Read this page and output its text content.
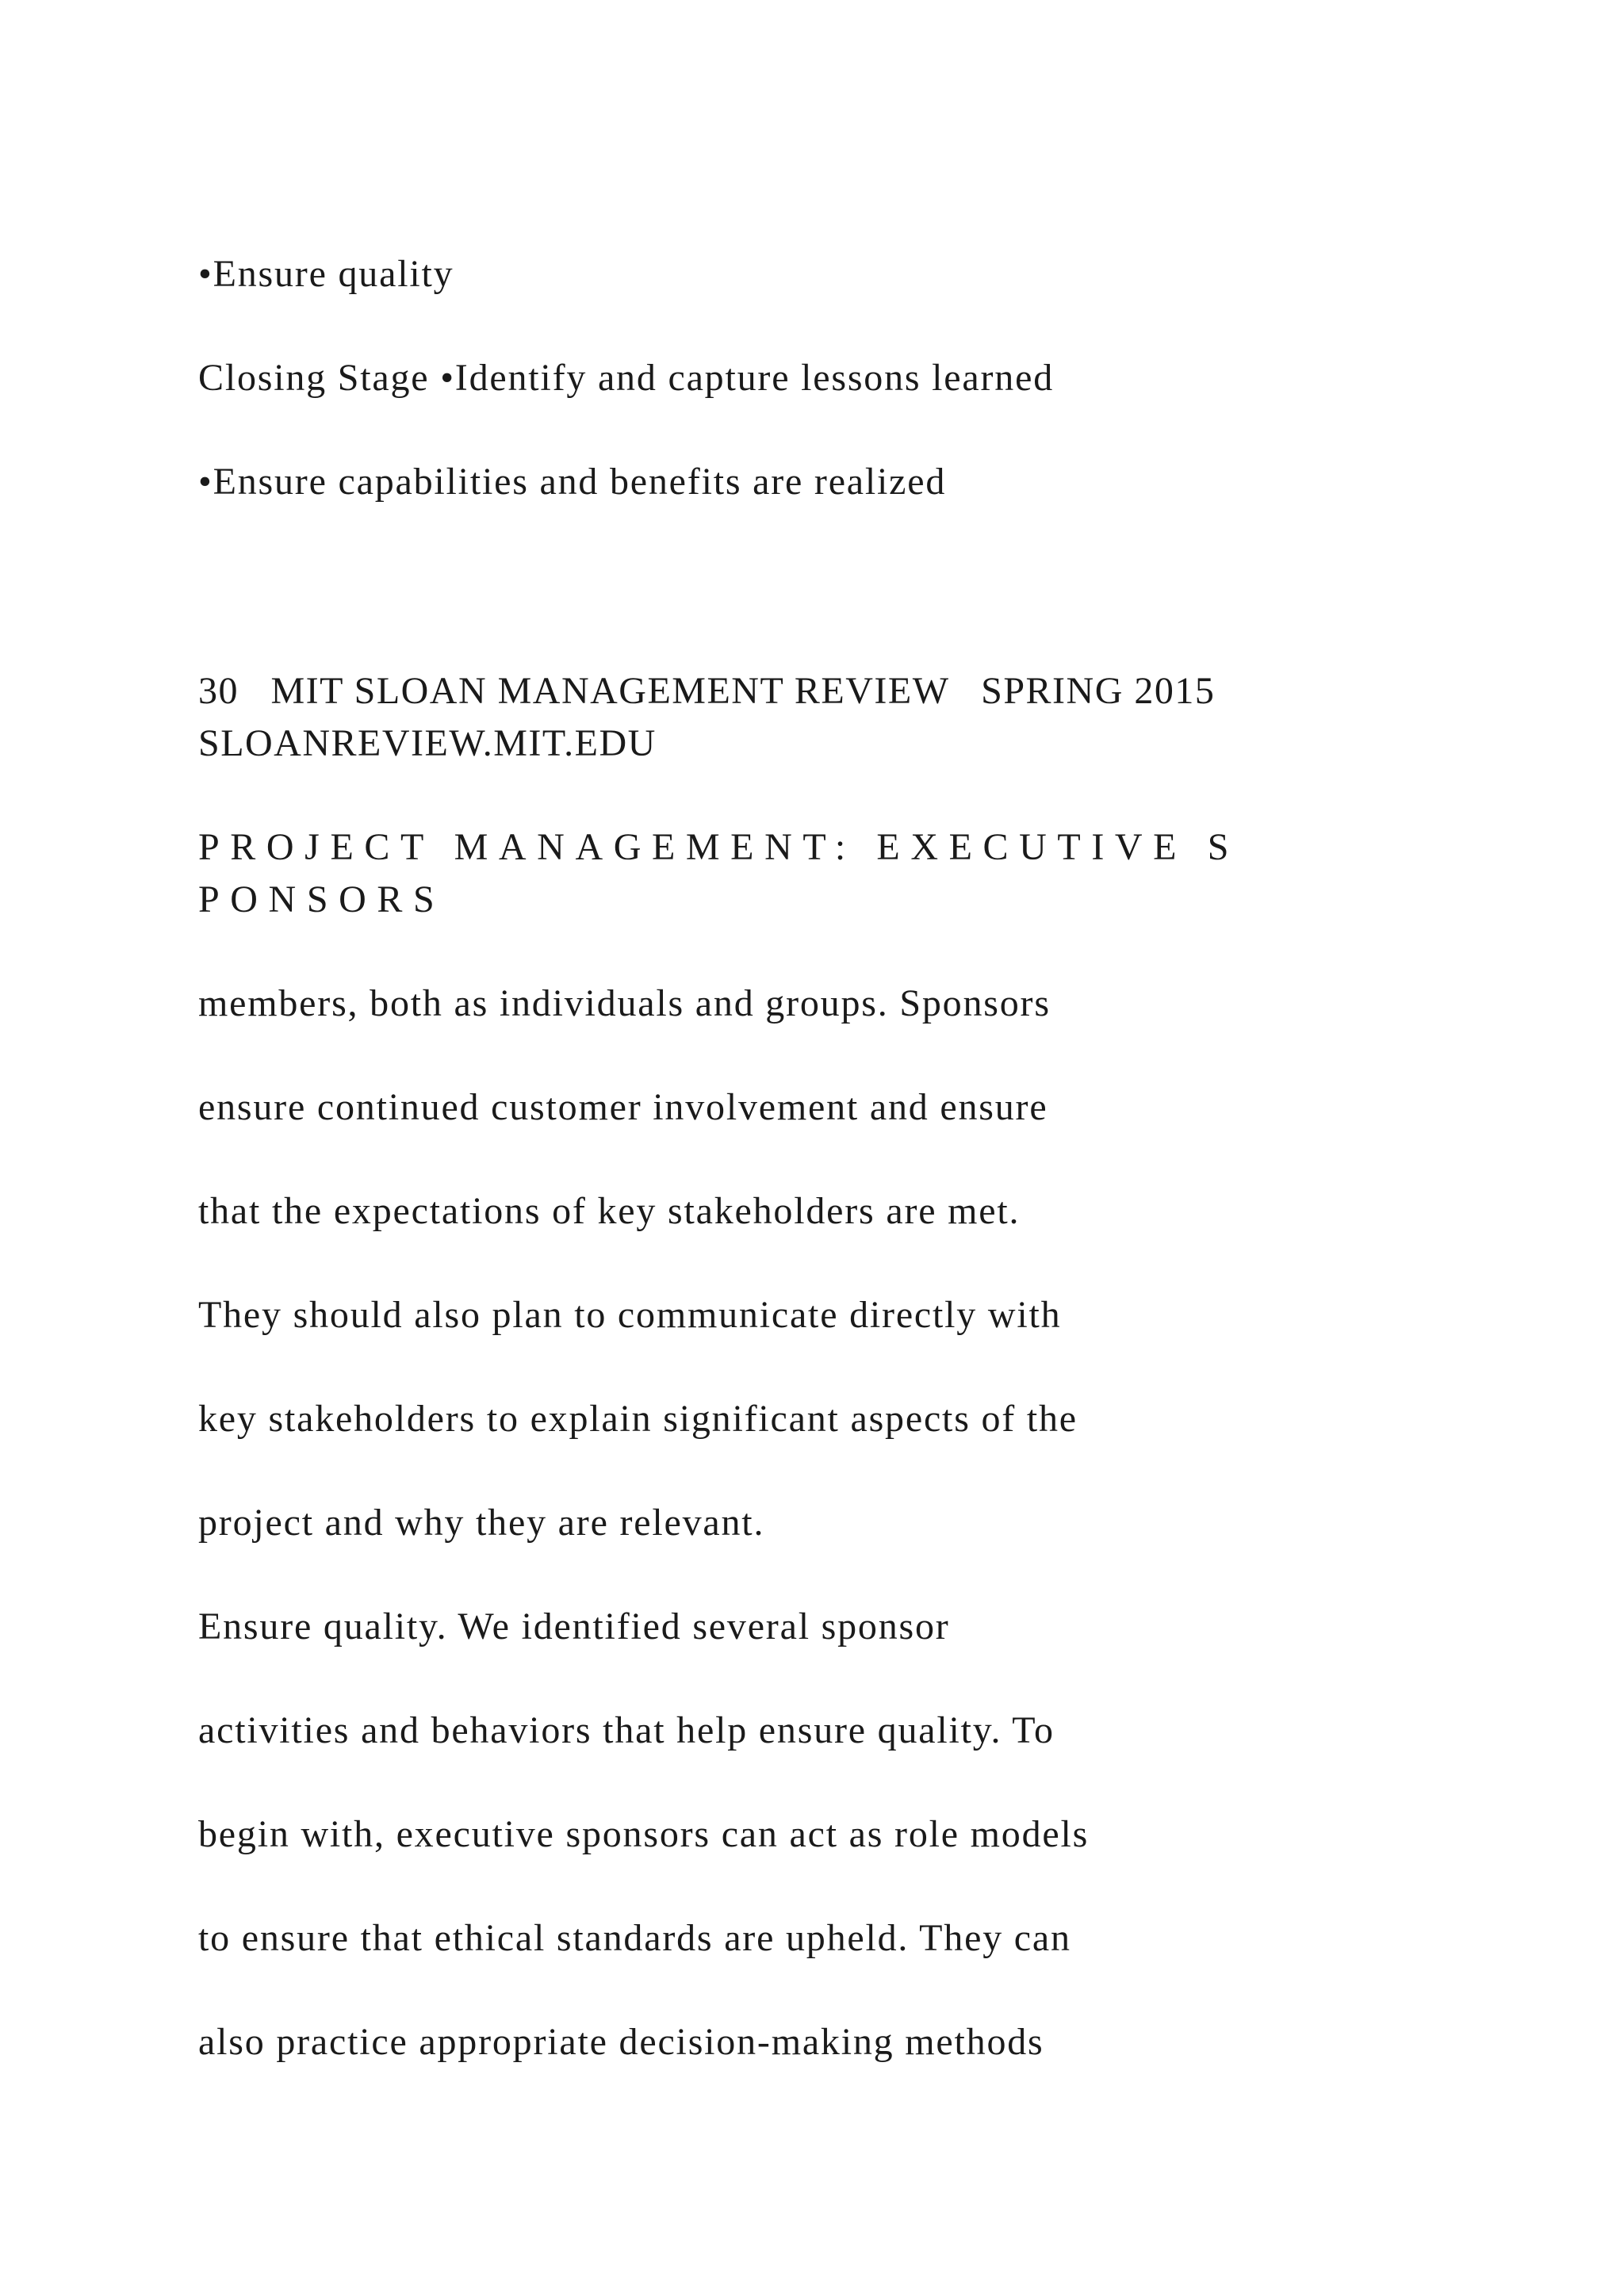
•Ensure quality
Closing Stage •Identify and capture lessons learned
•Ensure capabilities and benefits are realized
30   MIT SLOAN MANAGEMENT REVIEW   SPRING 2015
SLOANREVIEW.MIT.EDU
PROJECT MANAGEMENT: EXECUTIVE S
PONSORS
members, both as individuals and groups. Sponsors
ensure continued customer involvement and ensure
that the expectations of key stakeholders are met.
They should also plan to communicate directly with
key stakeholders to explain significant aspects of the
project and why they are relevant.
Ensure quality. We identified several sponsor
activities and behaviors that help ensure quality. To
begin with, executive sponsors can act as role models
to ensure that ethical standards are upheld. They can
also practice appropriate decision-making methods
